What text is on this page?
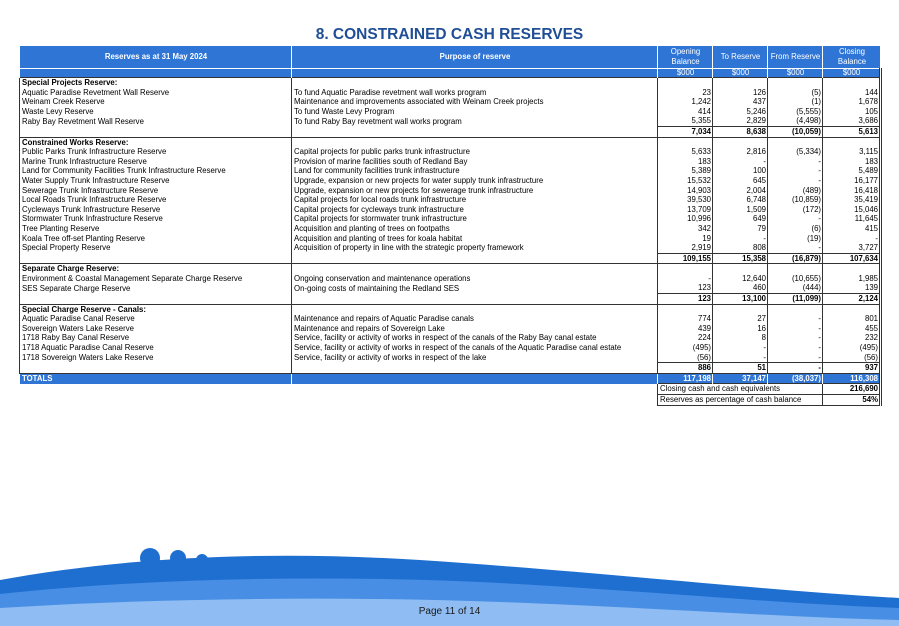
8. CONSTRAINED CASH RESERVES
Reserves as at 31 May 2024	Purpose of reserve	Opening Balance	To Reserve	From Reserve	Closing Balance
		$000	$000	$000	$000
Special Projects Reserve:					
Aquatic Paradise Revetment Wall Reserve	To fund Aquatic Paradise revetment wall works program	23	126	(5)	144
Weinam Creek Reserve	Maintenance and improvements associated with Weinam Creek projects	1,242	437	(1)	1,678
Waste Levy Reserve	To fund Waste Levy Program	414	5,246	(5,555)	105
Raby Bay Revetment Wall Reserve	To fund Raby Bay revetment wall works program	5,355	2,829	(4,498)	3,686
		7,034	8,638	(10,059)	5,613
Constrained Works Reserve:					
Public Parks Trunk Infrastructure Reserve	Capital projects for public parks trunk infrastructure	5,633	2,816	(5,334)	3,115
Marine Trunk Infrastructure Reserve	Provision of marine facilities south of Redland Bay	183	-	-	183
Land for Community Facilities Trunk Infrastructure Reserve	Land for community facilities trunk infrastructure	5,389	100	-	5,489
Water Supply Trunk Infrastructure Reserve	Upgrade, expansion or new projects for water supply trunk infrastructure	15,532	645	-	16,177
Sewerage Trunk Infrastructure Reserve	Upgrade, expansion or new projects for sewerage trunk infrastructure	14,903	2,004	(489)	16,418
Local Roads Trunk Infrastructure Reserve	Capital projects for local roads trunk infrastructure	39,530	6,748	(10,859)	35,419
Cycleways Trunk Infrastructure Reserve	Capital projects for cycleways trunk infrastructure	13,709	1,509	(172)	15,046
Stormwater Trunk Infrastructure Reserve	Capital projects for stormwater trunk infrastructure	10,996	649	-	11,645
Tree Planting Reserve	Acquisition and planting of trees on footpaths	342	79	(6)	415
Koala Tree off-set Planting Reserve	Acquisition and planting of trees for koala habitat	19	-	(19)	-
Special Property Reserve	Acquisition of property in line with the strategic property framework	2,919	808	-	3,727
		109,155	15,358	(16,879)	107,634
Separate Charge Reserve:					
Environment & Coastal Management Separate Charge Reserve	Ongoing conservation and maintenance operations	-	12,640	(10,655)	1,985
SES Separate Charge Reserve	On-going costs of maintaining the Redland SES	123	460	(444)	139
		123	13,100	(11,099)	2,124
Special Charge Reserve - Canals:					
Aquatic Paradise Canal Reserve	Maintenance and repairs of Aquatic Paradise canals	774	27	-	801
Sovereign Waters Lake Reserve	Maintenance and repairs of Sovereign Lake	439	16	-	455
1718 Raby Bay Canal Reserve	Service, facility or activity of works in respect of the canals of the Raby Bay canal estate	224	8	-	232
1718 Aquatic Paradise Canal Reserve	Service, facility or activity of works in respect of the canals of the Aquatic Paradise canal estate	(495)	-	-	(495)
1718 Sovereign Waters Lake Reserve	Service, facility or activity of works in respect of the lake	(56)	-	-	(56)
		886	51	-	937
TOTALS		117,198	37,147	(38,037)	116,308
		Closing cash and cash equivalents			216,690
		Reserves as percentage of cash balance			54%
Page 11 of 14
